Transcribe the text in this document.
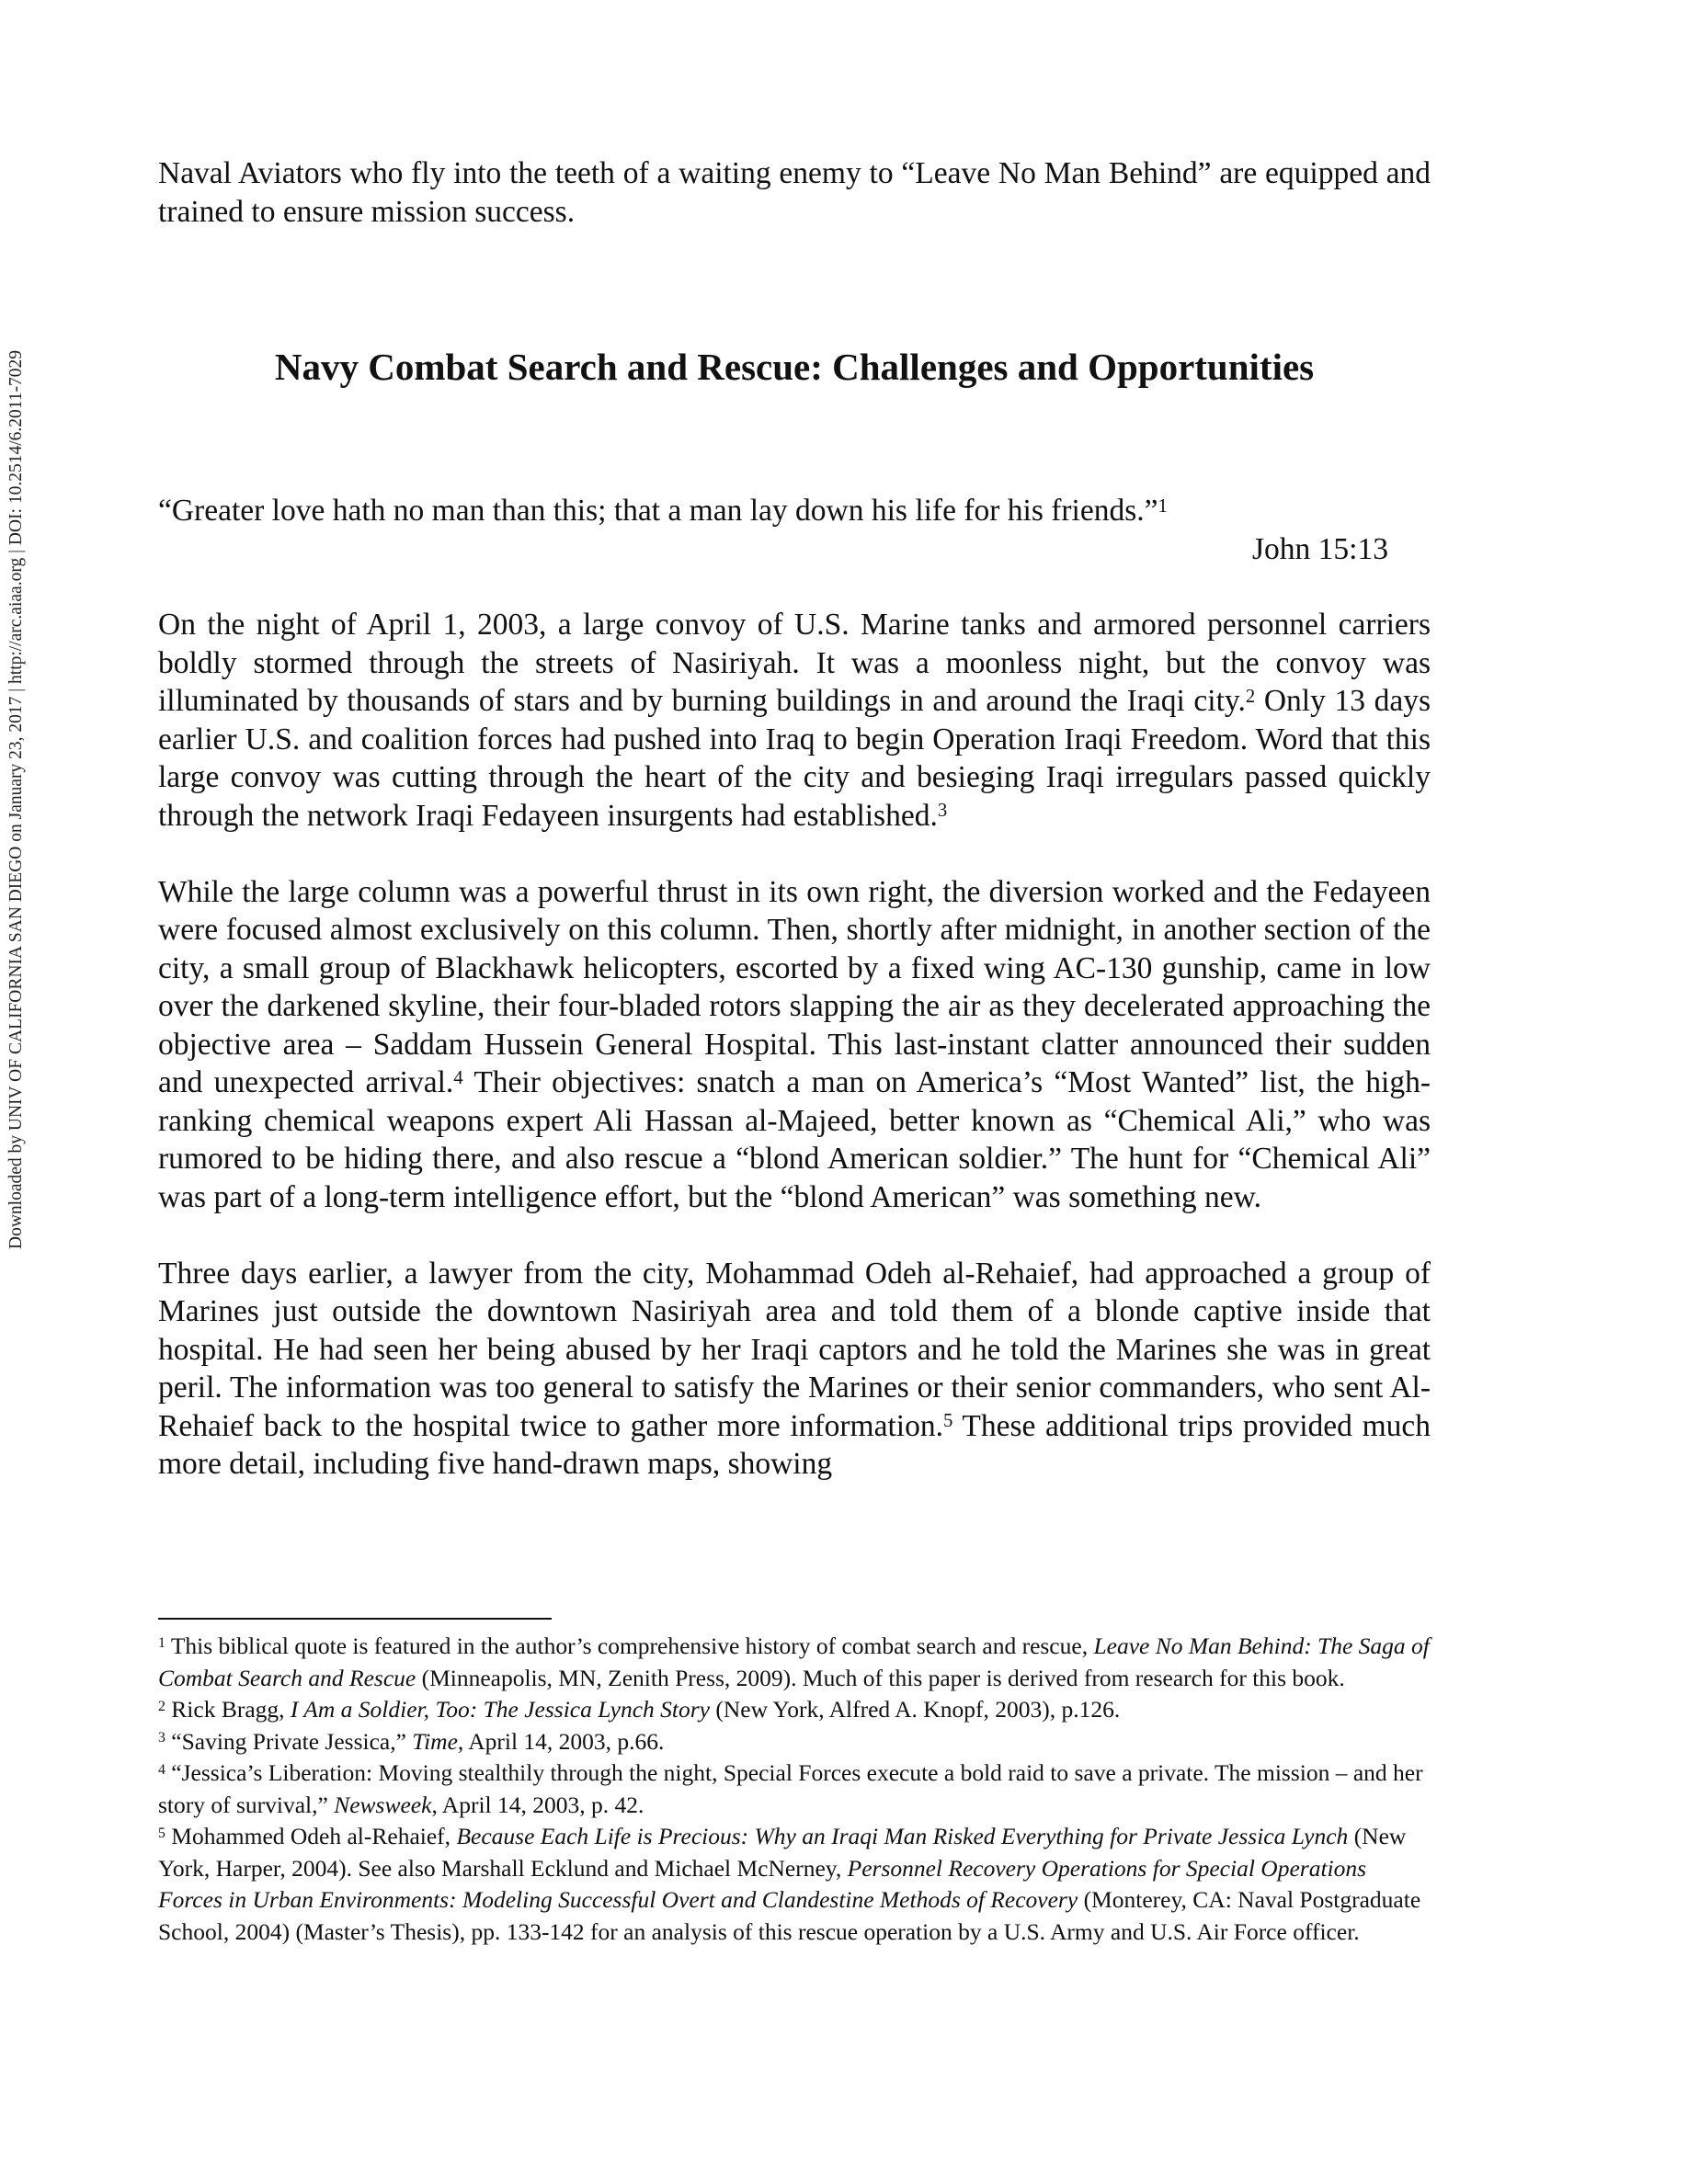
Downloaded by UNIV OF CALIFORNIA SAN DIEGO on January 23, 2017 | http://arc.aiaa.org | DOI: 10.2514/6.2011-7029

Naval Aviators who fly into the teeth of a waiting enemy to “Leave No Man Behind” are equipped and trained to ensure mission success.

Navy Combat Search and Rescue: Challenges and Opportunities

“Greater love hath no man than this; that a man lay down his life for his friends.”$^1$

John 15:13

On the night of April 1, 2003, a large convoy of U.S. Marine tanks and armored personnel carriers boldly stormed through the streets of Nasiriyah. It was a moonless night, but the convoy was illuminated by thousands of stars and by burning buildings in and around the Iraqi city.$^2$ Only 13 days earlier U.S. and coalition forces had pushed into Iraq to begin Operation Iraqi Freedom. Word that this large convoy was cutting through the heart of the city and besieging Iraqi irregulars passed quickly through the network Iraqi Fedayeen insurgents had established.$^3$

While the large column was a powerful thrust in its own right, the diversion worked and the Fedayeen were focused almost exclusively on this column. Then, shortly after midnight, in another section of the city, a small group of Blackhawk helicopters, escorted by a fixed wing AC-130 gunship, came in low over the darkened skyline, their four-bladed rotors slapping the air as they decelerated approaching the objective area – Saddam Hussein General Hospital. This last-instant clatter announced their sudden and unexpected arrival.$^4$ Their objectives: snatch a man on America’s “Most Wanted” list, the high-ranking chemical weapons expert Ali Hassan al-Majeed, better known as “Chemical Ali,” who was rumored to be hiding there, and also rescue a “blond American soldier.” The hunt for “Chemical Ali” was part of a long-term intelligence effort, but the “blond American” was something new.

Three days earlier, a lawyer from the city, Mohammad Odeh al-Rehaief, had approached a group of Marines just outside the downtown Nasiriyah area and told them of a blonde captive inside that hospital. He had seen her being abused by her Iraqi captors and he told the Marines she was in great peril. The information was too general to satisfy the Marines or their senior commanders, who sent Al-Rehaief back to the hospital twice to gather more information.$^5$ These additional trips provided much more detail, including five hand-drawn maps, showing

$^1$ This biblical quote is featured in the author’s comprehensive history of combat search and rescue, Leave No Man Behind: The Saga of Combat Search and Rescue (Minneapolis, MN, Zenith Press, 2009). Much of this paper is derived from research for this book.

$^2$ Rick Bragg, I Am a Soldier, Too: The Jessica Lynch Story (New York, Alfred A. Knopf, 2003), p.126.

$^3$ “Saving Private Jessica,” Time, April 14, 2003, p.66.

$^4$ “Jessica’s Liberation: Moving stealthily through the night, Special Forces execute a bold raid to save a private. The mission – and her story of survival,” Newsweek, April 14, 2003, p. 42.

$^5$ Mohammed Odeh al-Rehaief, Because Each Life is Precious: Why an Iraqi Man Risked Everything for Private Jessica Lynch (New York, Harper, 2004). See also Marshall Ecklund and Michael McNerney, Personnel Recovery Operations for Special Operations Forces in Urban Environments: Modeling Successful Overt and Clandestine Methods of Recovery (Monterey, CA: Naval Postgraduate School, 2004) (Master’s Thesis), pp. 133-142 for an analysis of this rescue operation by a U.S. Army and U.S. Air Force officer.
